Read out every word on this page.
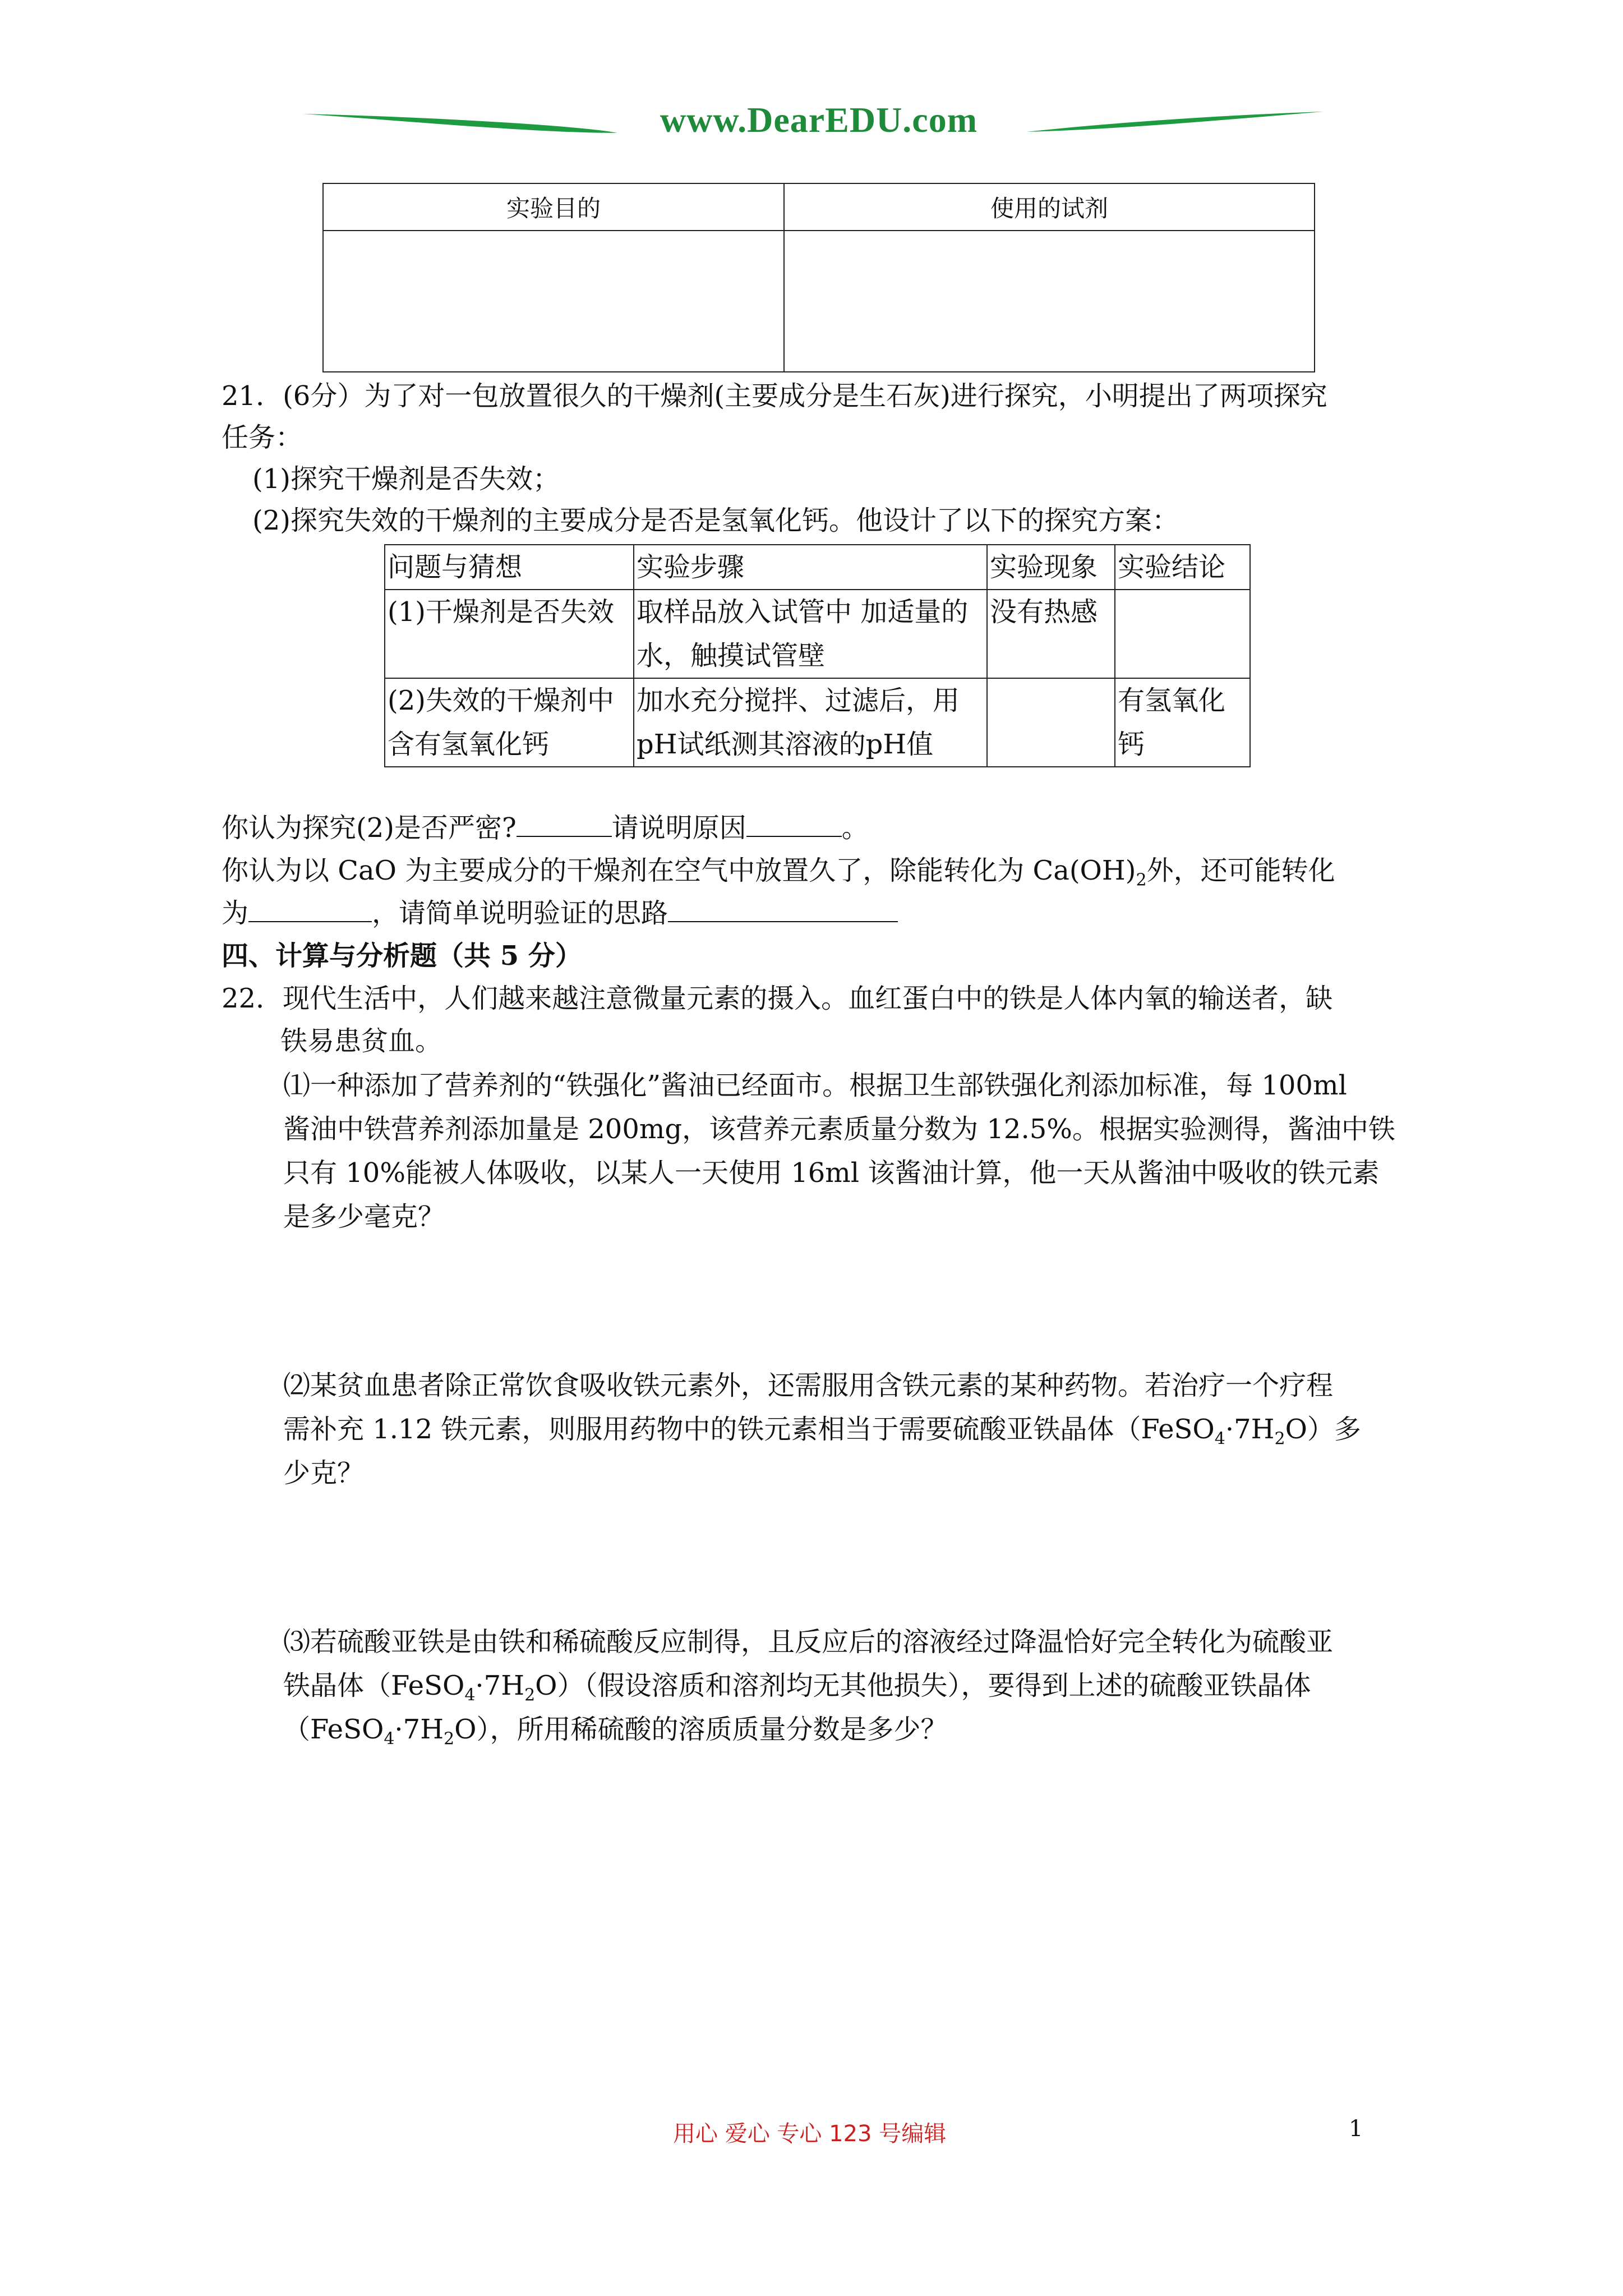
www.DearEDU.com
实验目的	使用的试剂

21．(6分）为了对一包放置很久的干燥剂(主要成分是生石灰)进行探究，小明提出了两项探究
任务：
(1)探究干燥剂是否失效；
(2)探究失效的干燥剂的主要成分是否是氢氧化钙。他设计了以下的探究方案：
问题与猜想	实验步骤	实验现象	实验结论
(1)干燥剂是否失效	取样品放入试管中 加适量的水，触摸试管壁	没有热感	
(2)失效的干燥剂中含有氢氧化钙	加水充分搅拌、过滤后，用pH试纸测其溶液的pH值		有氢氧化钙
你认为探究(2)是否严密?	请说明原因	。
你认为以 CaO 为主要成分的干燥剂在空气中放置久了，除能转化为 $Ca(OH)_2$外，还可能转化
为	，请简单说明验证的思路
四、计算与分析题（共 5 分）
22．现代生活中，人们越来越注意微量元素的摄入。血红蛋白中的铁是人体内氧的输送者，缺
铁易患贫血。
⑴一种添加了营养剂的“铁强化”酱油已经面市。根据卫生部铁强化剂添加标准，每 100ml
酱油中铁营养剂添加量是 200mg，该营养元素质量分数为 12.5%。根据实验测得，酱油中铁
只有 10%能被人体吸收，以某人一天使用 16ml 该酱油计算，他一天从酱油中吸收的铁元素
是多少毫克？
⑵某贫血患者除正常饮食吸收铁元素外，还需服用含铁元素的某种药物。若治疗一个疗程
需补充 1.12 铁元素，则服用药物中的铁元素相当于需要硫酸亚铁晶体$(FeSO_4\cdot 7H_2O)$多
少克？
⑶若硫酸亚铁是由铁和稀硫酸反应制得，且反应后的溶液经过降温恰好完全转化为硫酸亚
铁晶体$(FeSO_4\cdot 7H_2O)$（假设溶质和溶剂均无其他损失），要得到上述的硫酸亚铁晶体
$(FeSO_4\cdot 7H_2O)$，所用稀硫酸的溶质质量分数是多少？
用心 爱心 专心 123 号编辑	1
